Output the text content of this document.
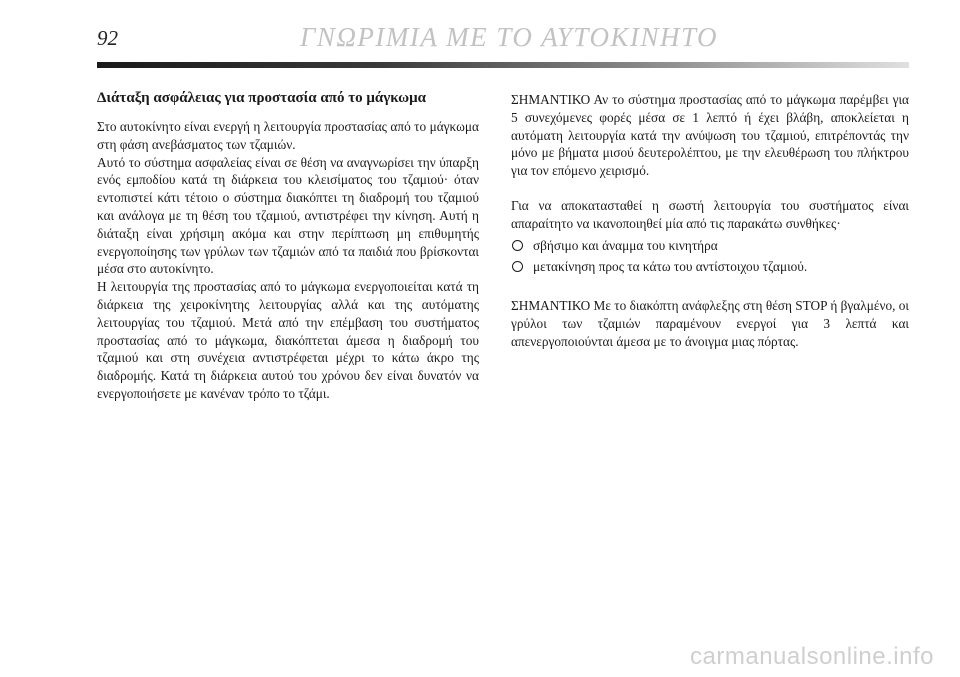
92	ΓΝΩΡΙΜΙΑ ΜΕ ΤΟ ΑΥΤΟΚΙΝΗΤΟ
Διάταξη ασφάλειας για προστασία από το μάγκωμα

Στο αυτοκίνητο είναι ενεργή η λειτουργία προστασίας από το μάγκωμα στη φάση ανεβάσματος των τζαμιών.

Αυτό το σύστημα ασφαλείας είναι σε θέση να αναγνωρίσει την ύπαρξη ενός εμποδίου κατά τη διάρκεια του κλεισίματος του τζαμιού· όταν εντοπιστεί κάτι τέτοιο ο σύστημα διακόπτει τη διαδρομή του τζαμιού και ανάλογα με τη θέση του τζαμιού, αντιστρέφει την κίνηση. Αυτή η διάταξη είναι χρήσιμη ακόμα και στην περίπτωση μη επιθυμητής ενεργοποίησης των γρύλων των τζαμιών από τα παιδιά που βρίσκονται μέσα στο αυτοκίνητο.

Η λειτουργία της προστασίας από το μάγκωμα ενεργοποιείται κατά τη διάρκεια της χειροκίνητης λειτουργίας αλλά και της αυτόματης λειτουργίας του τζαμιού. Μετά από την επέμβαση του συστήματος προστασίας από το μάγκωμα, διακόπτεται άμεσα η διαδρομή του τζαμιού και στη συνέχεια αντιστρέφεται μέχρι το κάτω άκρο της διαδρομής. Κατά τη διάρκεια αυτού του χρόνου δεν είναι δυνατόν να ενεργοποιήσετε με κανέναν τρόπο το τζάμι.

ΣΗΜΑΝΤΙΚΟ Αν το σύστημα προστασίας από το μάγκωμα παρέμβει για 5 συνεχόμενες φορές μέσα σε 1 λεπτό ή έχει βλάβη, αποκλείεται η αυτόματη λειτουργία κατά την ανύψωση του τζαμιού, επιτρέποντάς την μόνο με βήματα μισού δευτερολέπτου, με την ελευθέρωση του πλήκτρου για τον επόμενο χειρισμό.

Για να αποκατασταθεί η σωστή λειτουργία του συστήματος είναι απαραίτητο να ικανοποιηθεί μία από τις παρακάτω συνθήκες·

σβήσιμο και άναμμα του κινητήρα
μετακίνηση προς τα κάτω του αντίστοιχου τζαμιού.

ΣΗΜΑΝΤΙΚΟ Με το διακόπτη ανάφλεξης στη θέση STOP ή βγαλμένο, οι γρύλοι των τζαμιών παραμένουν ενεργοί για 3 λεπτά και απενεργοποιούνται άμεσα με το άνοιγμα μιας πόρτας.

carmanualsonline.info
